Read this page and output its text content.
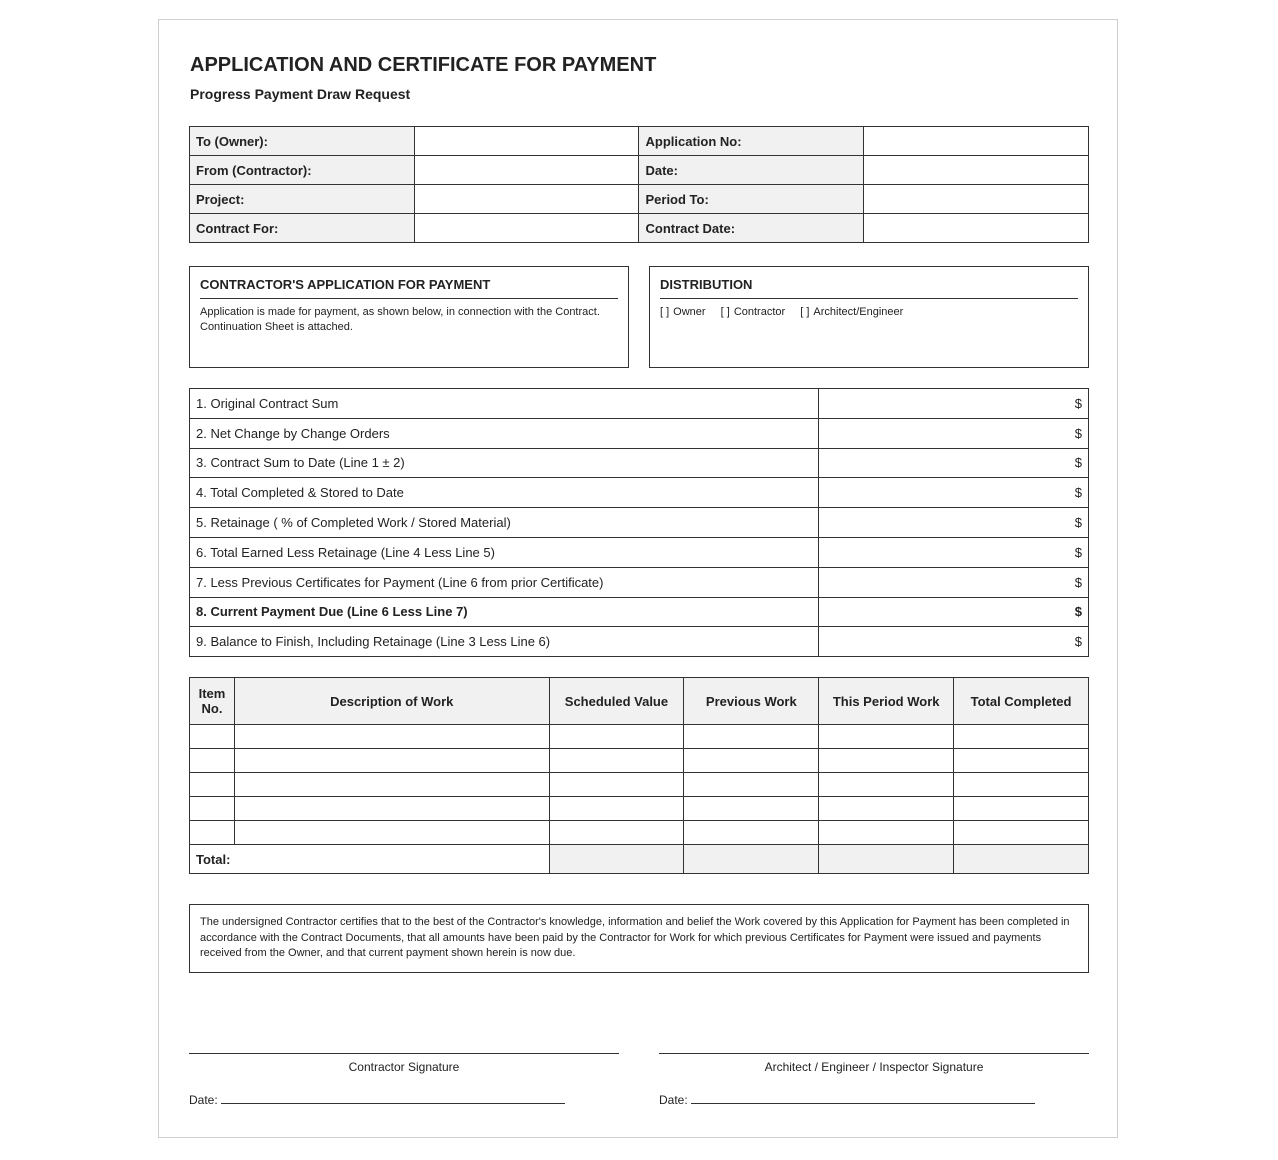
APPLICATION AND CERTIFICATE FOR PAYMENT
Progress Payment Draw Request
To (Owner):		Application No:	
From (Contractor):		Date:	
Project:		Period To:	
Contract For:		Contract Date:	
CONTRACTOR'S APPLICATION FOR PAYMENT
Application is made for payment, as shown below, in connection with the Contract. Continuation Sheet is attached.
DISTRIBUTION
[ ] Owner [ ] Contractor [ ] Architect/Engineer
1. Original Contract Sum	$
2. Net Change by Change Orders	$
3. Contract Sum to Date (Line 1 ± 2)	$
4. Total Completed & Stored to Date	$
5. Retainage ( % of Completed Work / Stored Material)	$
6. Total Earned Less Retainage (Line 4 Less Line 5)	$
7. Less Previous Certificates for Payment (Line 6 from prior Certificate)	$
8. Current Payment Due (Line 6 Less Line 7)	$
9. Balance to Finish, Including Retainage (Line 3 Less Line 6)	$
Item No.	Description of Work	Scheduled Value	Previous Work	This Period Work	Total Completed

Total:					
The undersigned Contractor certifies that to the best of the Contractor's knowledge, information and belief the Work covered by this Application for Payment has been completed in accordance with the Contract Documents, that all amounts have been paid by the Contractor for Work for which previous Certificates for Payment were issued and payments received from the Owner, and that current payment shown herein is now due.
Contractor Signature
Date:
Architect / Engineer / Inspector Signature
Date:
